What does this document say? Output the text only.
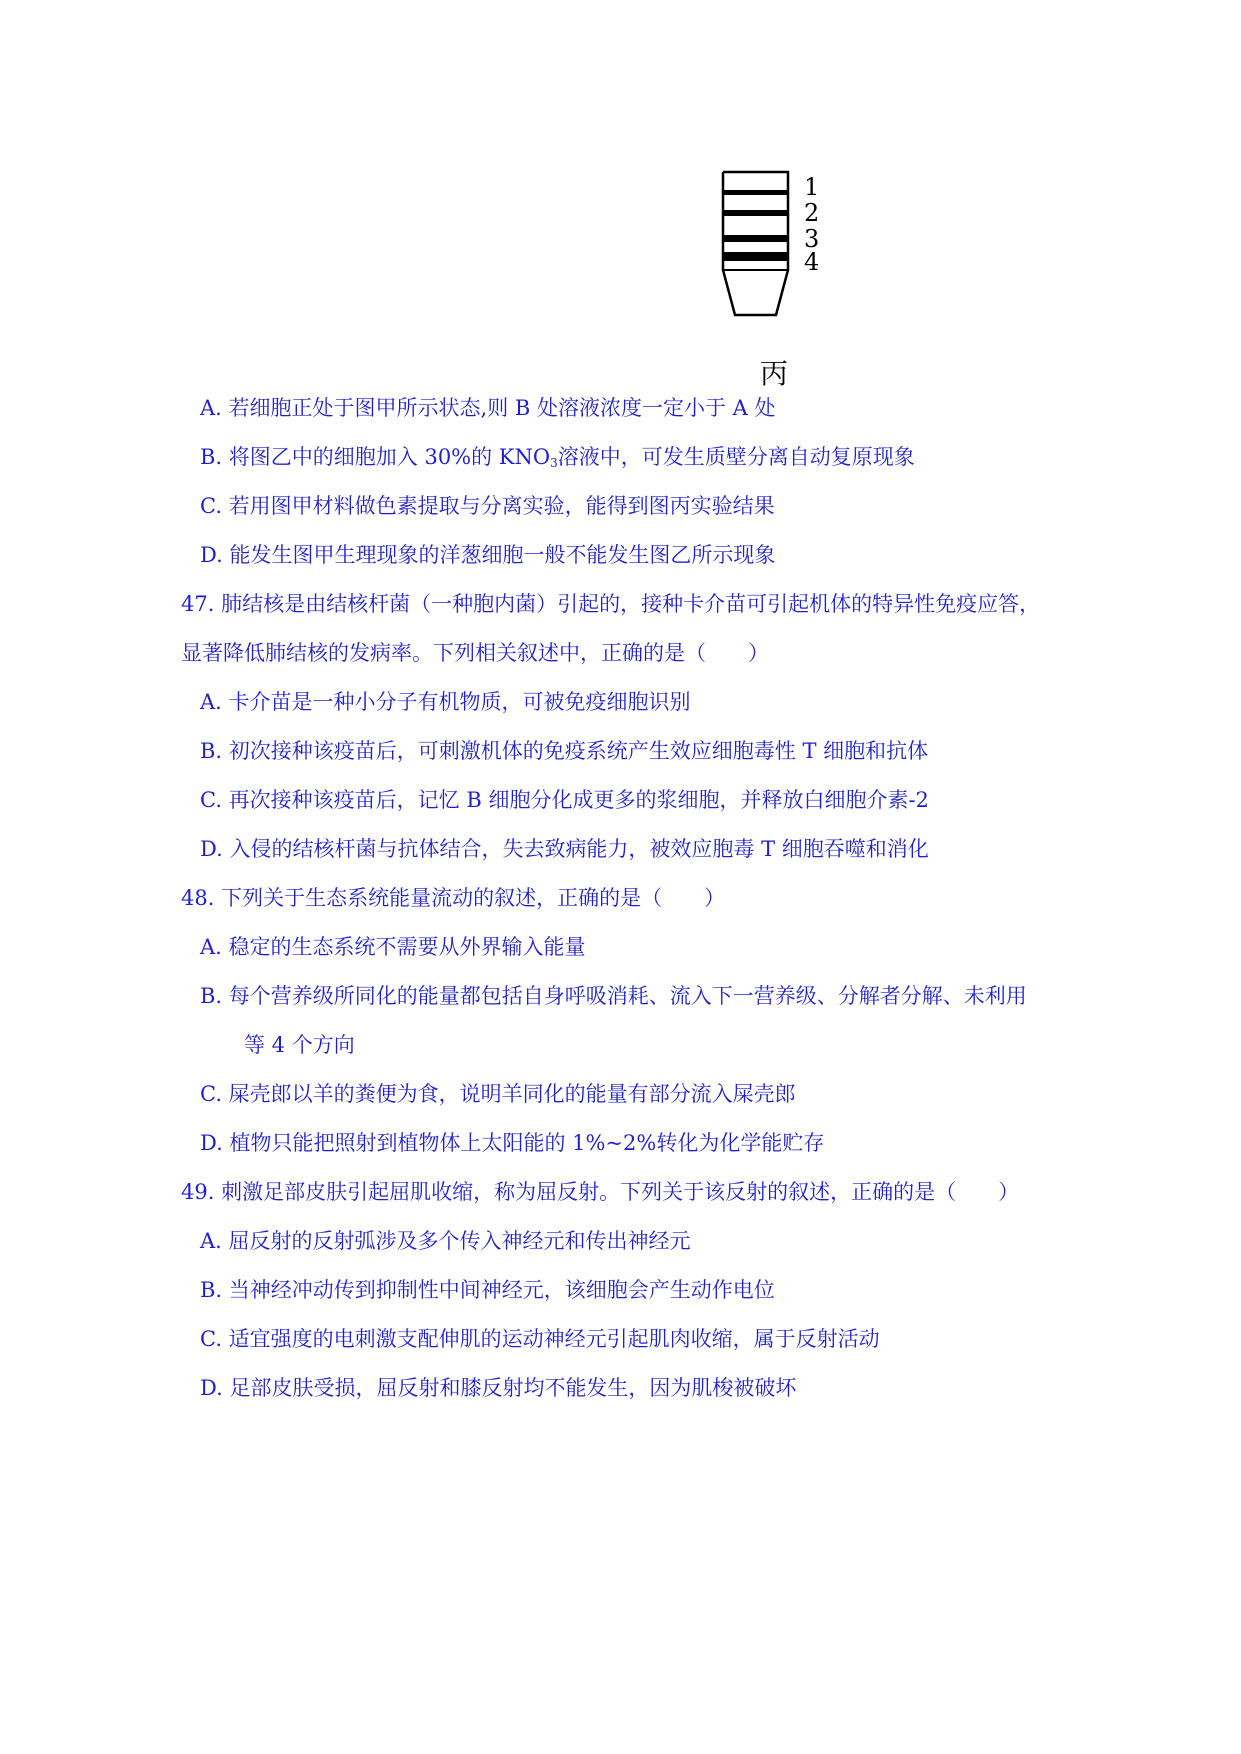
1
2
3
4
丙
A. 若细胞正处于图甲所示状态,则 B 处溶液浓度一定小于 A 处
B. 将图乙中的细胞加入 30%的 $KNO_3$溶液中，可发生质壁分离自动复原现象
C. 若用图甲材料做色素提取与分离实验，能得到图丙实验结果
D. 能发生图甲生理现象的洋葱细胞一般不能发生图乙所示现象
47. 肺结核是由结核杆菌（一种胞内菌）引起的，接种卡介苗可引起机体的特异性免疫应答，
显著降低肺结核的发病率。下列相关叙述中，正确的是（　　）
A. 卡介苗是一种小分子有机物质，可被免疫细胞识别
B. 初次接种该疫苗后，可刺激机体的免疫系统产生效应细胞毒性 T 细胞和抗体
C. 再次接种该疫苗后，记忆 B 细胞分化成更多的浆细胞，并释放白细胞介素-2
D. 入侵的结核杆菌与抗体结合，失去致病能力，被效应胞毒 T 细胞吞噬和消化
48. 下列关于生态系统能量流动的叙述，正确的是（　　）
A. 稳定的生态系统不需要从外界输入能量
B. 每个营养级所同化的能量都包括自身呼吸消耗、流入下一营养级、分解者分解、未利用
等 4 个方向
C. 屎壳郎以羊的粪便为食，说明羊同化的能量有部分流入屎壳郎
D. 植物只能把照射到植物体上太阳能的 1%~2%转化为化学能贮存
49. 刺激足部皮肤引起屈肌收缩，称为屈反射。下列关于该反射的叙述，正确的是（　　）
A. 屈反射的反射弧涉及多个传入神经元和传出神经元
B. 当神经冲动传到抑制性中间神经元，该细胞会产生动作电位
C. 适宜强度的电刺激支配伸肌的运动神经元引起肌肉收缩，属于反射活动
D. 足部皮肤受损，屈反射和膝反射均不能发生，因为肌梭被破坏
